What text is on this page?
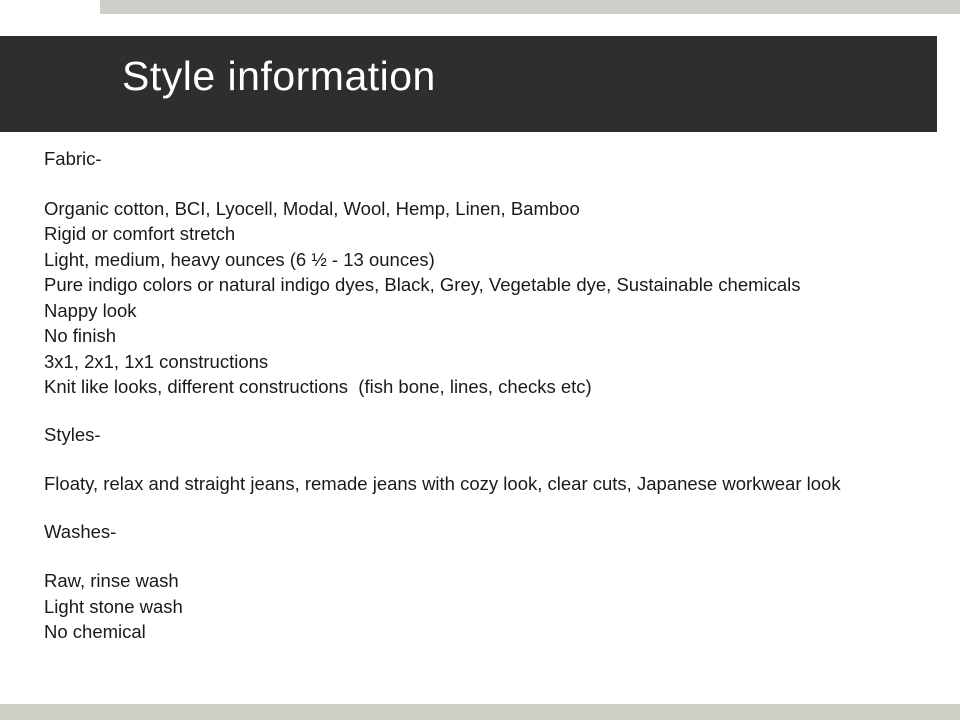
Style information
Fabric-
Organic cotton, BCI, Lyocell, Modal, Wool, Hemp, Linen, Bamboo
Rigid or comfort stretch
Light, medium, heavy ounces (6 ½ - 13 ounces)
Pure indigo colors or natural indigo dyes, Black, Grey, Vegetable dye, Sustainable chemicals
Nappy look
No finish
3x1, 2x1, 1x1 constructions
Knit like looks, different constructions  (fish bone, lines, checks etc)
Styles-
Floaty, relax and straight jeans, remade jeans with cozy look, clear cuts, Japanese workwear look
Washes-
Raw, rinse wash
Light stone wash
No chemical
